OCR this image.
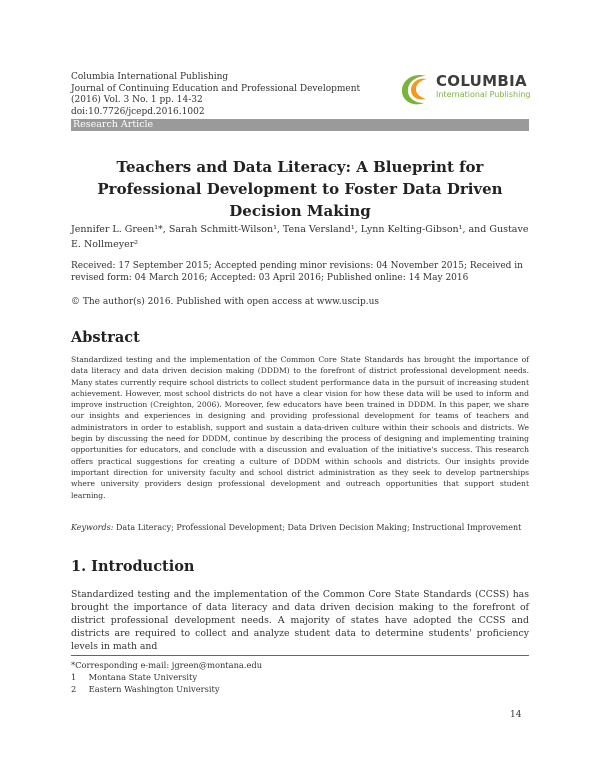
Columbia International Publishing
Journal of Continuing Education and Professional Development
(2016) Vol. 3 No. 1 pp. 14-32
doi:10.7726/jcepd.2016.1002
COLUMBIA
International Publishing
Research Article
Teachers and Data Literacy: A Blueprint for Professional Development to Foster Data Driven Decision Making
Jennifer L. Green¹*, Sarah Schmitt-Wilson¹, Tena Versland¹, Lynn Kelting-Gibson¹, and Gustave E. Nollmeyer²
Received: 17 September 2015; Accepted pending minor revisions: 04 November 2015; Received in revised form: 04 March 2016; Accepted: 03 April 2016; Published online: 14 May 2016
© The author(s) 2016. Published with open access at www.uscip.us
Abstract
Standardized testing and the implementation of the Common Core State Standards has brought the importance of data literacy and data driven decision making (DDDM) to the forefront of district professional development needs. Many states currently require school districts to collect student performance data in the pursuit of increasing student achievement. However, most school districts do not have a clear vision for how these data will be used to inform and improve instruction (Creighton, 2006). Moreover, few educators have been trained in DDDM. In this paper, we share our insights and experiences in designing and providing professional development for teams of teachers and administrators in order to establish, support and sustain a data-driven culture within their schools and districts. We begin by discussing the need for DDDM, continue by describing the process of designing and implementing training opportunities for educators, and conclude with a discussion and evaluation of the initiative's success. This research offers practical suggestions for creating a culture of DDDM within schools and districts. Our insights provide important direction for university faculty and school district administration as they seek to develop partnerships where university providers design professional development and outreach opportunities that support student learning.
Keywords: Data Literacy; Professional Development; Data Driven Decision Making; Instructional Improvement
1. Introduction
Standardized testing and the implementation of the Common Core State Standards (CCSS) has brought the importance of data literacy and data driven decision making to the forefront of district professional development needs. A majority of states have adopted the CCSS and districts are required to collect and analyze student data to determine students' proficiency levels in math and
*Corresponding e-mail: jgreen@montana.edu
1 Montana State University
2 Eastern Washington University
14
